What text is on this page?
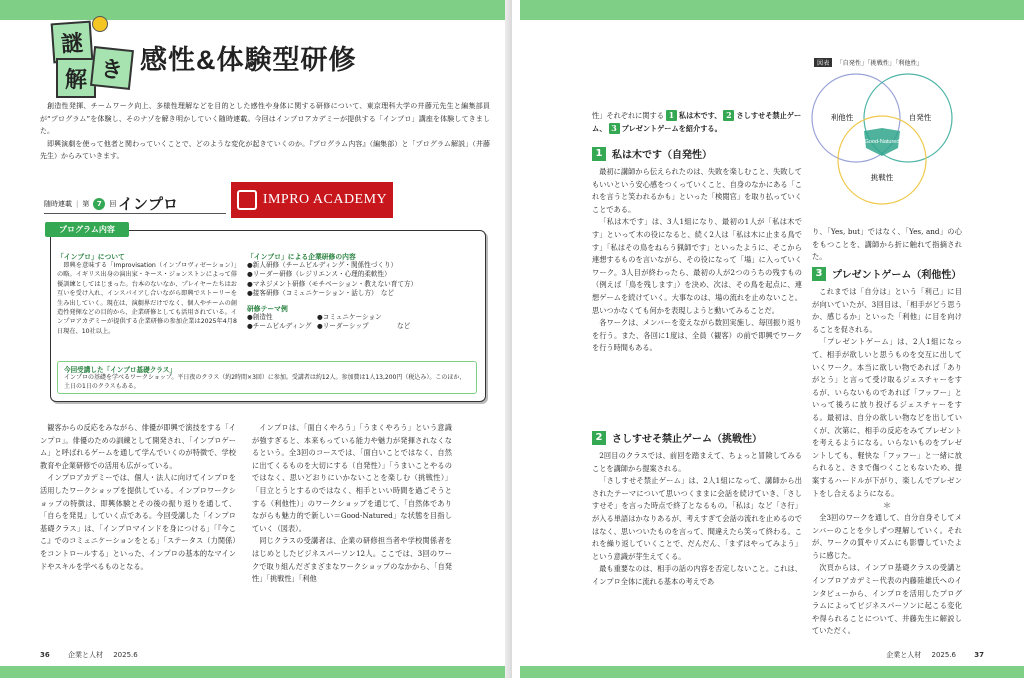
謎
解 き 感性&体験型研修

創造性発揮、チームワーク向上、多様性理解などを目的とした感性や身体に関する研修について、東京理科大学の井藤元先生と編集部員が“プログラム”を体験し、そのナゾを解き明かしていく随時連載。今回はインプロアカデミーが提供する「インプロ」講座を体験してきました。

即興演劇を使って他者と関わっていくことで、どのような変化が起きていくのか。『プログラム内容』（編集部）と「プログラム解説」（井藤先生）からみていきます。

随時連載 | 第	7	回 インプロ	IMPRO ACADEMY
プログラム内容
「インプロ」について
即興を意味する「Improvisation（インプロヴィゼーション）」の略。イギリス出身の演出家・キース・ジョンストンによって俳優訓練としてはじまった。台本のないなか、プレイヤーたちはお互いを受け入れ、インスパイアし合いながら即興でストーリーを生み出していく。現在は、演劇界だけでなく、個人やチームの創造性発揮などの目的から、企業研修としても活用されている。インプロアカデミーが提供する企業研修の参加企業は2025年4月8日現在、10社以上。
「インプロ」による企業研修の内容
●新人研修（チームビルディング・関係性づくり）
●リーダー研修（レジリエンス・心理的柔軟性）
●マネジメント研修（モチベーション・教えない育て方）
●接客研修（コミュニケーション・話し方）　など
研修テーマ例
●創造性	●コミュニケーション
●チームビルディング ●リーダーシップ	など
今回受講した「インプロ基礎クラス」
インプロの基礎を学べるワークショップ。平日夜のクラス（約2時間×3回）に参加。受講者は約12人。参加費は1人13,200円（税込み）。このほか、土日の1日のクラスもある。

観客からの反応をみながら、俳優が即興で演技をする「インプロ」。俳優のための訓練として開発され、「インプロゲーム」と呼ばれるゲームを通して学んでいくのが特徴で、学校教育や企業研修での活用も広がっている。

インプロアカデミーでは、個人・法人に向けてインプロを活用したワークショップを提供している。インプロワークショップの特徴は、即興体験とその後の振り返りを通して、「自らを発見」していく点である。今回受講した「インプロ基礎クラス」は、「インプロマインドを身につける」「『今ここ』でのコミュニケーションをとる」「ステータス（力関係）をコントロールする」といった、インプロの基本的なマインドやスキルを学べるものとなる。

インプロは、「面白くやろう」「うまくやろう」という意識が強すぎると、本来もっている能力や魅力が発揮されなくなるという。全3回のコースでは、「面白いことではなく、自然に出てくるものを大切にする（自発性）」「うまいことやるのではなく、思いどおりにいかないことを楽しむ（挑戦性）」「目立とうとするのではなく、相手といい時間を過ごそうとする（利他性）」のワークショップを通じて、「自然体でありながらも魅力的で新しい＝Good-Natured」な状態を目指していく（図表）。

同じクラスの受講者は、企業の研修担当者や学校関係者をはじめとしたビジネスパーソン12人。ここでは、3回のワークで取り組んだざまざまなワークショップのなかから、「自発性」「挑戦性」「利他

36	企業と人材 2025.6
性」それぞれに関する 1 私は木です、 2 さしすせそ禁止ゲーム、 3 プレゼントゲームを紹介する。
1 私は木です（自発性）

最初に講師から伝えられたのは、失敗を楽しむこと、失敗してもいいという安心感をつくっていくこと、自身のなかにある「これを言うと笑われるかも」といった「検閲官」を取り払っていくことである。

「私は木です」は、3人1組になり、最初の1人が「私は木です」といって木の役になると、続く2人は「私は木に止まる鳥です」「私はその鳥をねらう猟師です」といったように、そこから連想するものを言いながら、その役になって「場」に入っていくワーク。3人目が終わったら、最初の人が2つのうちの残すもの（例えば「鳥を残します」）を決め、次は、その鳥を起点に、連想ゲームを続けていく。大事なのは、場の流れを止めないこと。思いつかなくても何かを表現しようと動いてみることだ。

各ワークは、メンバーを変えながら数回実施し、毎回振り返りを行う。また、各回に1度は、全員（観客）の前で即興でワークを行う時間もある。

2 さしすせそ禁止ゲーム（挑戦性）

2回目のクラスでは、前回を踏まえて、ちょっと冒険してみることを講師から提案される。

「さしすせそ禁止ゲーム」は、2人1組になって、講師から出されたテーマについて思いつくままに会話を続けていき、「さしすせそ」を言った時点で終了となるもの。「私は」など「さ行」が入る単語はかなりあるが、考えすぎて会話の流れを止めるのではなく、思いついたものを言って、間違えたら笑って終わる。これを繰り返していくことで、だんだん、「まずはやってみよう」という意識が芽生えてくる。

最も重要なのは、相手の話の内容を否定しないこと。これは、インプロ全体に流れる基本の考えであ

図表	「自発性」「挑戦性」「利他性」
利他性	自発性
挑戦性
Good-Natured

り、「Yes, but」ではなく、「Yes, and」の心をもつことを、講師から折に触れて指摘された。

3 プレゼントゲーム（利他性）

これまでは「自分は」という「利己」に目が向いていたが、3回目は、「相手がどう思うか、感じるか」といった「利他」に目を向けることを促される。

「プレゼントゲーム」は、2人1組になって、相手が欲しいと思うものを交互に出していくワーク。本当に欲しい物であれば「ありがとう」と言って受け取るジェスチャーをするが、いらないものであれば「フッフー」といって後ろに放り投げるジェスチャーをする。最初は、自分の欲しい物などを出していくが、次第に、相手の反応をみてプレゼントを考えるようになる。いらないものをプレゼントしても、軽快な「フッフー」と一緒に放られると、さまで傷つくこともないため、提案するハードルが下がり、楽しんでプレゼントをし合えるようになる。

＊

全3回のワークを通して、自分自身そしてメンバーのことを少しずつ理解していく。それが、ワークの質やリズムにも影響していたように感じた。

次頁からは、インプロ基礎クラスの受講とインプロアカデミー代表の内藤陸雄氏へのインタビューから、インプロを活用したプログラムによってビジネスパーソンに起こる変化や得られることについて、井藤先生に解説していただく。

企業と人材 2025.6	37
